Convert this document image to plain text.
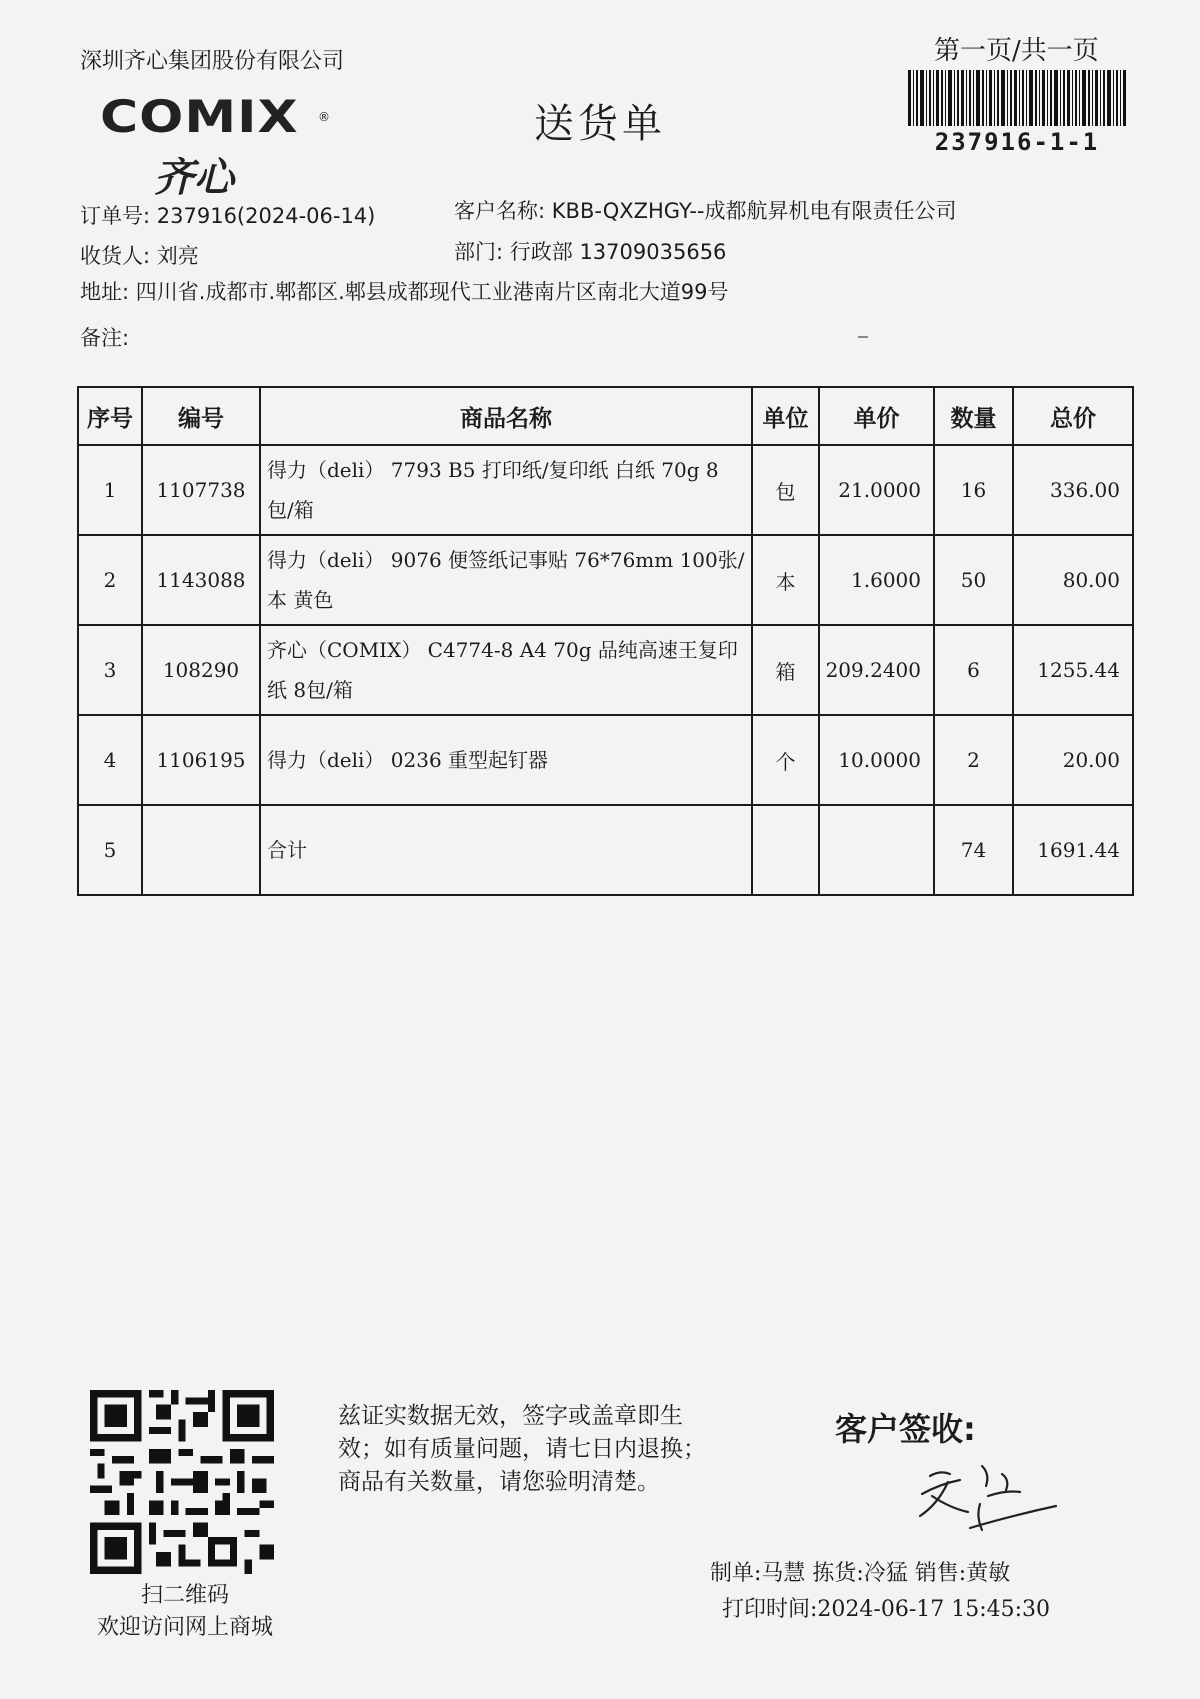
深圳齐心集团股份有限公司	第一页/共一页
237916-1-1
COMIX ®
齐心
送货单
订单号: 237916(2024-06-14)	客户名称: KBB-QXZHGY--成都航昇机电有限责任公司
收货人: 刘亮	部门: 行政部 13709035656
地址: 四川省.成都市.郫都区.郫县成都现代工业港南片区南北大道99号
备注:
序号	编号	商品名称	单位	单价	数量	总价
1	1107738	得力（deli） 7793 B5 打印纸/复印纸 白纸 70g 8包/箱	包	21.0000	16	336.00
2	1143088	得力（deli） 9076 便签纸记事贴 76*76mm 100张/本 黄色	本	1.6000	50	80.00
3	108290	齐心（COMIX） C4774-8 A4 70g 品纯高速王复印纸 8包/箱	箱	209.2400	6	1255.44
4	1106195	得力（deli） 0236 重型起钉器	个	10.0000	2	20.00
5		合计			74	1691.44
扫二维码
欢迎访问网上商城
兹证实数据无效，签字或盖章即生
效；如有质量问题，请七日内退换；
商品有关数量，请您验明清楚。
客户签收:
制单:马慧 拣货:冷猛 销售:黄敏
打印时间:2024-06-17 15:45:30
